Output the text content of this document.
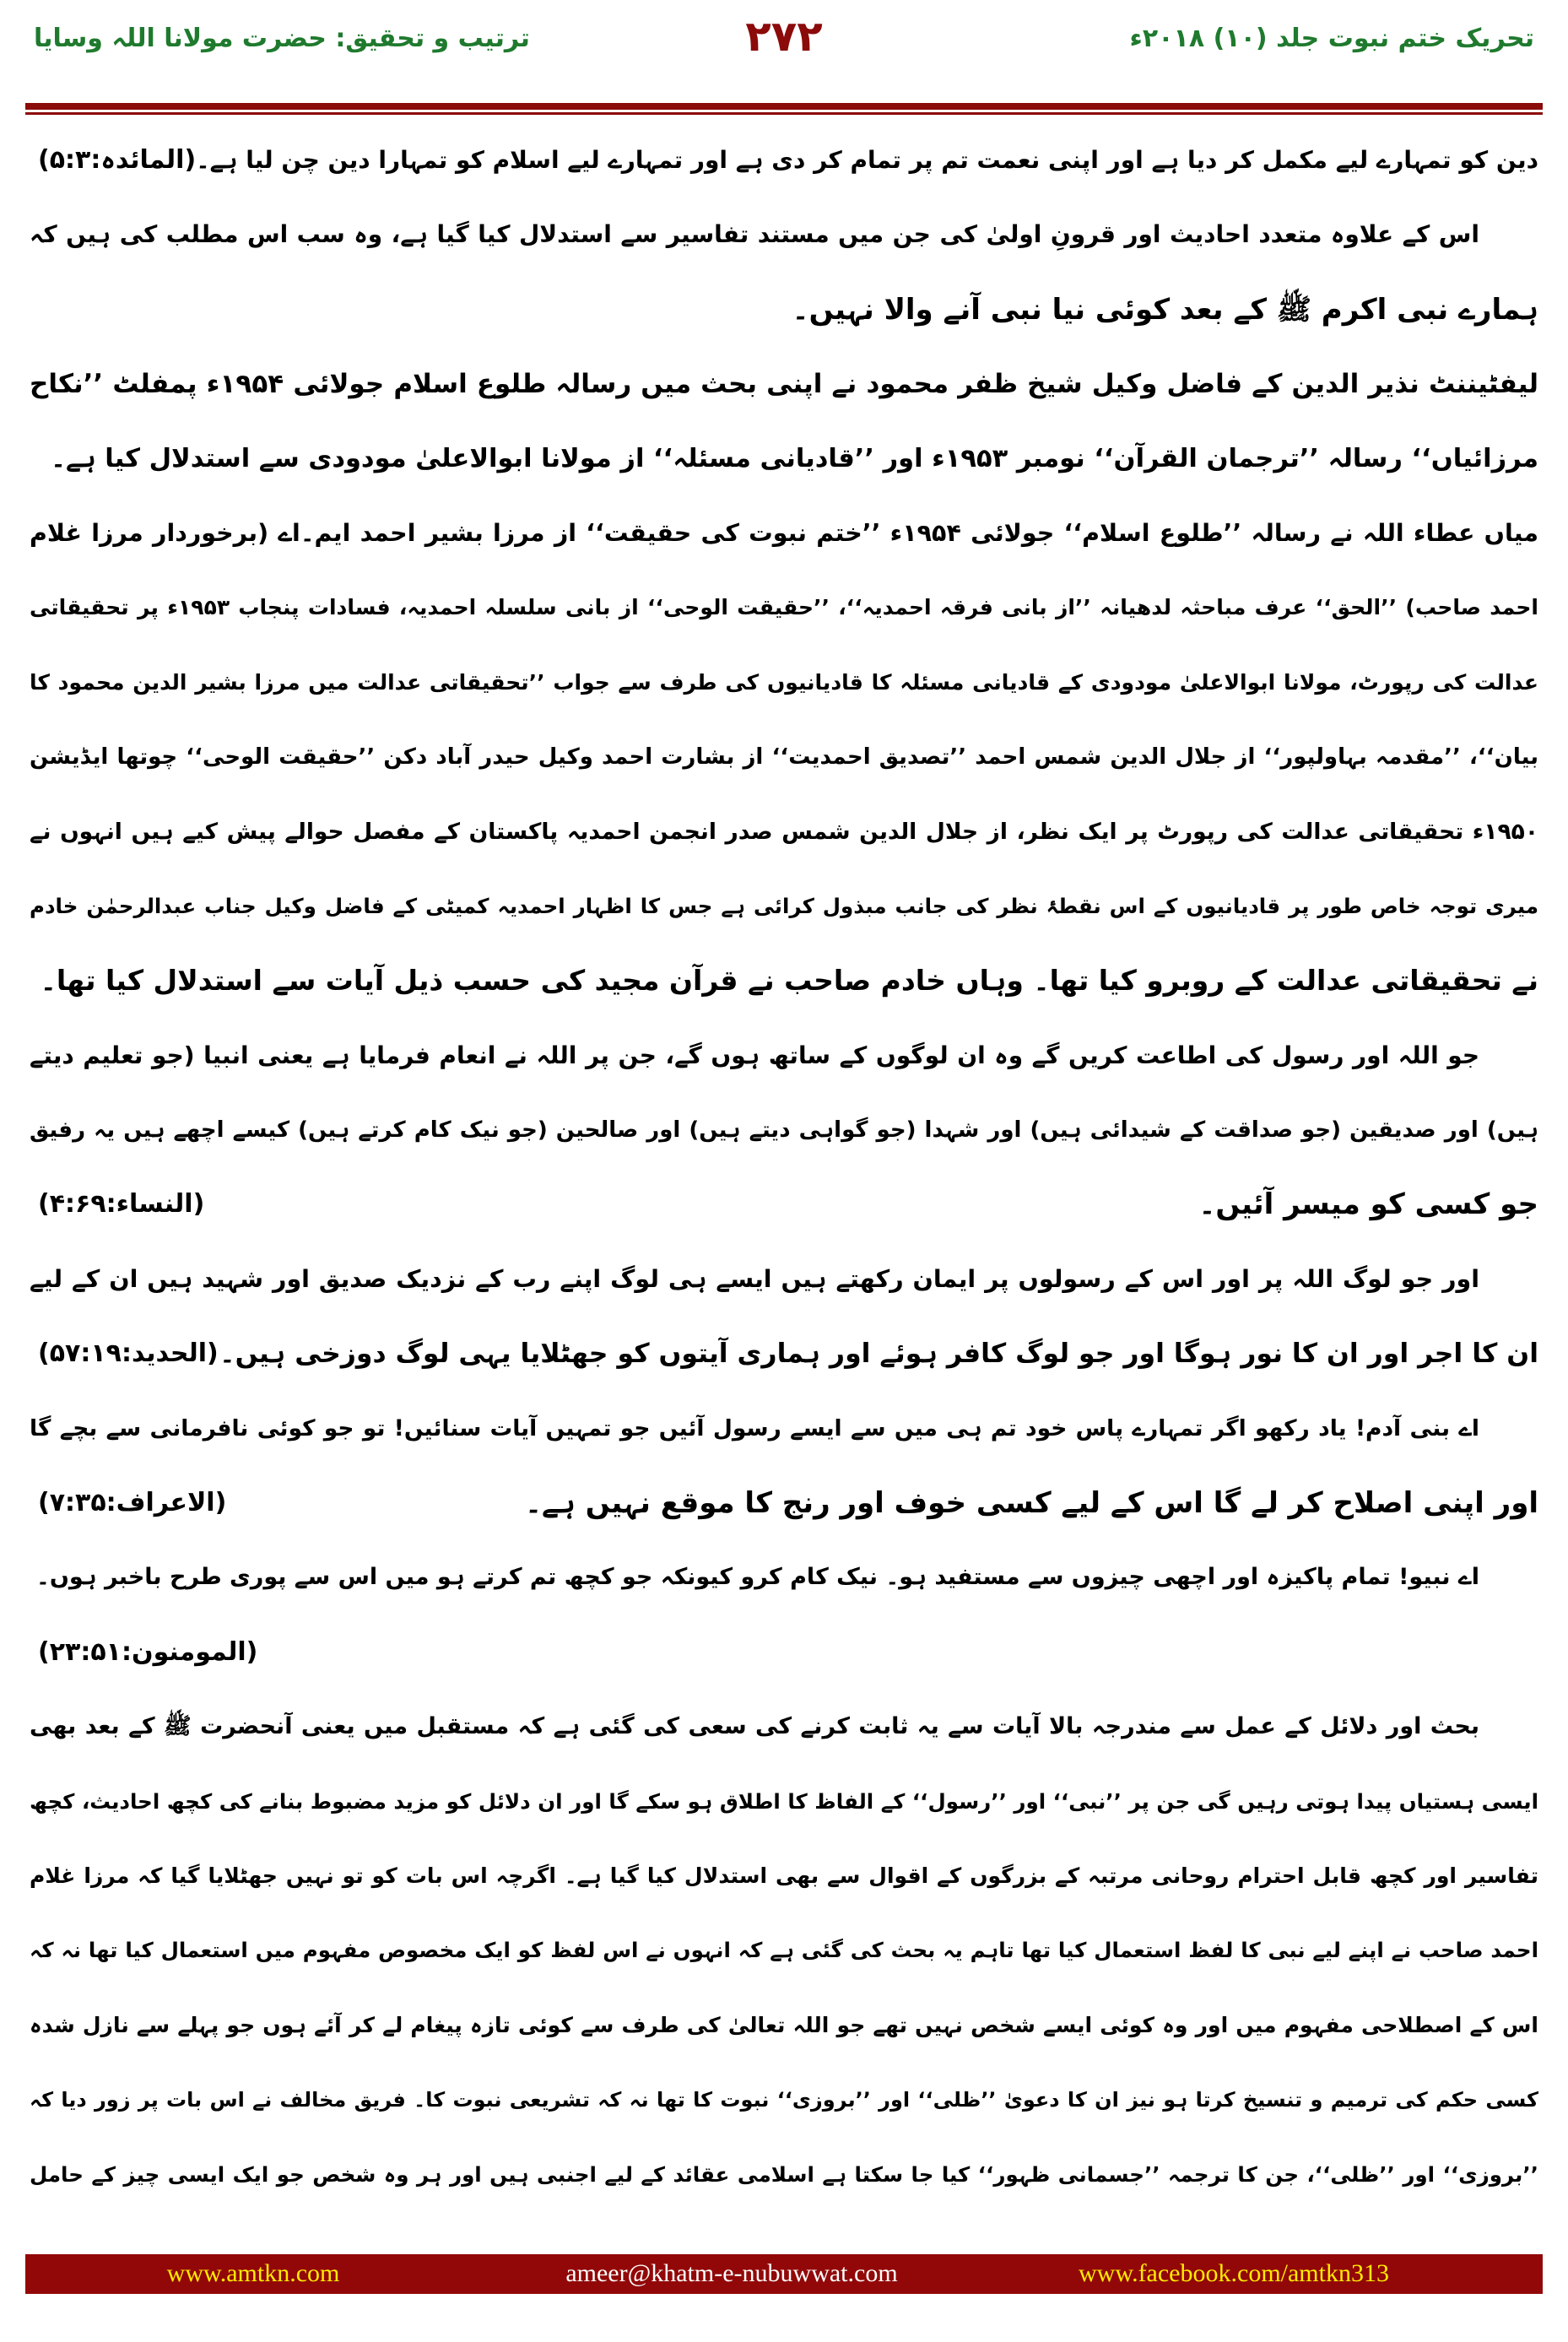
تحریک ختم نبوت جلد (۱۰) ۲۰۱۸ء
۲۷۲
ترتیب و تحقیق: حضرت مولانا اللہ وسایا
دین کو تمہارے لیے مکمل کر دیا ہے اور اپنی نعمت تم پر تمام کر دی ہے اور تمہارے لیے اسلام کو تمہارا دین چن لیا ہے۔
(المائدہ:۵:۳)
اس کے علاوہ متعدد احادیث اور قرونِ اولیٰ کی جن میں مستند تفاسیر سے استدلال کیا گیا ہے، وہ سب اس مطلب کی ہیں کہ
ہمارے نبی اکرم ﷺ کے بعد کوئی نیا نبی آنے والا نہیں۔
لیفٹیننٹ نذیر الدین کے فاضل وکیل شیخ ظفر محمود نے اپنی بحث میں رسالہ طلوع اسلام جولائی ۱۹۵۴ء پمفلٹ ’’نکاح
مرزائیاں‘‘ رسالہ ’’ترجمان القرآن‘‘ نومبر ۱۹۵۳ء اور ’’قادیانی مسئلہ‘‘ از مولانا ابوالاعلیٰ مودودی سے استدلال کیا ہے۔
میاں عطاء اللہ نے رسالہ ’’طلوع اسلام‘‘ جولائی ۱۹۵۴ء ’’ختم نبوت کی حقیقت‘‘ از مرزا بشیر احمد ایم۔اے (برخوردار مرزا غلام
احمد صاحب) ’’الحق‘‘ عرف مباحثہ لدھیانہ ’’از بانی فرقہ احمدیہ‘‘، ’’حقیقت الوحی‘‘ از بانی سلسلہ احمدیہ، فسادات پنجاب ۱۹۵۳ء پر تحقیقاتی
عدالت کی رپورٹ، مولانا ابوالاعلیٰ مودودی کے قادیانی مسئلہ کا قادیانیوں کی طرف سے جواب ’’تحقیقاتی عدالت میں مرزا بشیر الدین محمود کا
بیان‘‘، ’’مقدمہ بہاولپور‘‘ از جلال الدین شمس احمد ’’تصدیق احمدیت‘‘ از بشارت احمد وکیل حیدر آباد دکن ’’حقیقت الوحی‘‘ چوتھا ایڈیشن
۱۹۵۰ء تحقیقاتی عدالت کی رپورٹ پر ایک نظر، از جلال الدین شمس صدر انجمن احمدیہ پاکستان کے مفصل حوالے پیش کیے ہیں انہوں نے
میری توجہ خاص طور پر قادیانیوں کے اس نقطۂ نظر کی جانب مبذول کرائی ہے جس کا اظہار احمدیہ کمیٹی کے فاضل وکیل جناب عبدالرحمٰن خادم
نے تحقیقاتی عدالت کے روبرو کیا تھا۔ وہاں خادم صاحب نے قرآن مجید کی حسب ذیل آیات سے استدلال کیا تھا۔
جو اللہ اور رسول کی اطاعت کریں گے وہ ان لوگوں کے ساتھ ہوں گے، جن پر اللہ نے انعام فرمایا ہے یعنی انبیا (جو تعلیم دیتے
ہیں) اور صدیقین (جو صداقت کے شیدائی ہیں) اور شہدا (جو گواہی دیتے ہیں) اور صالحین (جو نیک کام کرتے ہیں) کیسے اچھے ہیں یہ رفیق
جو کسی کو میسر آئیں۔
(النساء:۴:۶۹)
اور جو لوگ اللہ پر اور اس کے رسولوں پر ایمان رکھتے ہیں ایسے ہی لوگ اپنے رب کے نزدیک صدیق اور شہید ہیں ان کے لیے
ان کا اجر اور ان کا نور ہوگا اور جو لوگ کافر ہوئے اور ہماری آیتوں کو جھٹلایا یہی لوگ دوزخی ہیں۔
(الحدید:۵۷:۱۹)
اے بنی آدم! یاد رکھو اگر تمہارے پاس خود تم ہی میں سے ایسے رسول آئیں جو تمہیں آیات سنائیں! تو جو کوئی نافرمانی سے بچے گا
اور اپنی اصلاح کر لے گا اس کے لیے کسی خوف اور رنج کا موقع نہیں ہے۔
(الاعراف:۷:۳۵)
اے نبیو! تمام پاکیزہ اور اچھی چیزوں سے مستفید ہو۔ نیک کام کرو کیونکہ جو کچھ تم کرتے ہو میں اس سے پوری طرح باخبر ہوں۔
(المومنون:۲۳:۵۱)
بحث اور دلائل کے عمل سے مندرجہ بالا آیات سے یہ ثابت کرنے کی سعی کی گئی ہے کہ مستقبل میں یعنی آنحضرت ﷺ کے بعد بھی
ایسی ہستیاں پیدا ہوتی رہیں گی جن پر ’’نبی‘‘ اور ’’رسول‘‘ کے الفاظ کا اطلاق ہو سکے گا اور ان دلائل کو مزید مضبوط بنانے کی کچھ احادیث، کچھ
تفاسیر اور کچھ قابل احترام روحانی مرتبہ کے بزرگوں کے اقوال سے بھی استدلال کیا گیا ہے۔ اگرچہ اس بات کو تو نہیں جھٹلایا گیا کہ مرزا غلام
احمد صاحب نے اپنے لیے نبی کا لفظ استعمال کیا تھا تاہم یہ بحث کی گئی ہے کہ انہوں نے اس لفظ کو ایک مخصوص مفہوم میں استعمال کیا تھا نہ کہ
اس کے اصطلاحی مفہوم میں اور وہ کوئی ایسے شخص نہیں تھے جو اللہ تعالیٰ کی طرف سے کوئی تازہ پیغام لے کر آئے ہوں جو پہلے سے نازل شدہ
کسی حکم کی ترمیم و تنسیخ کرتا ہو نیز ان کا دعویٰ ’’ظلی‘‘ اور ’’بروزی‘‘ نبوت کا تھا نہ کہ تشریعی نبوت کا۔ فریق مخالف نے اس بات پر زور دیا کہ
’’بروزی‘‘ اور ’’ظلی‘‘، جن کا ترجمہ ’’جسمانی ظہور‘‘ کیا جا سکتا ہے اسلامی عقائد کے لیے اجنبی ہیں اور ہر وہ شخص جو ایک ایسی چیز کے حامل
www.amtkn.com	ameer@khatm-e-nubuwwat.com	www.facebook.com/amtkn313
